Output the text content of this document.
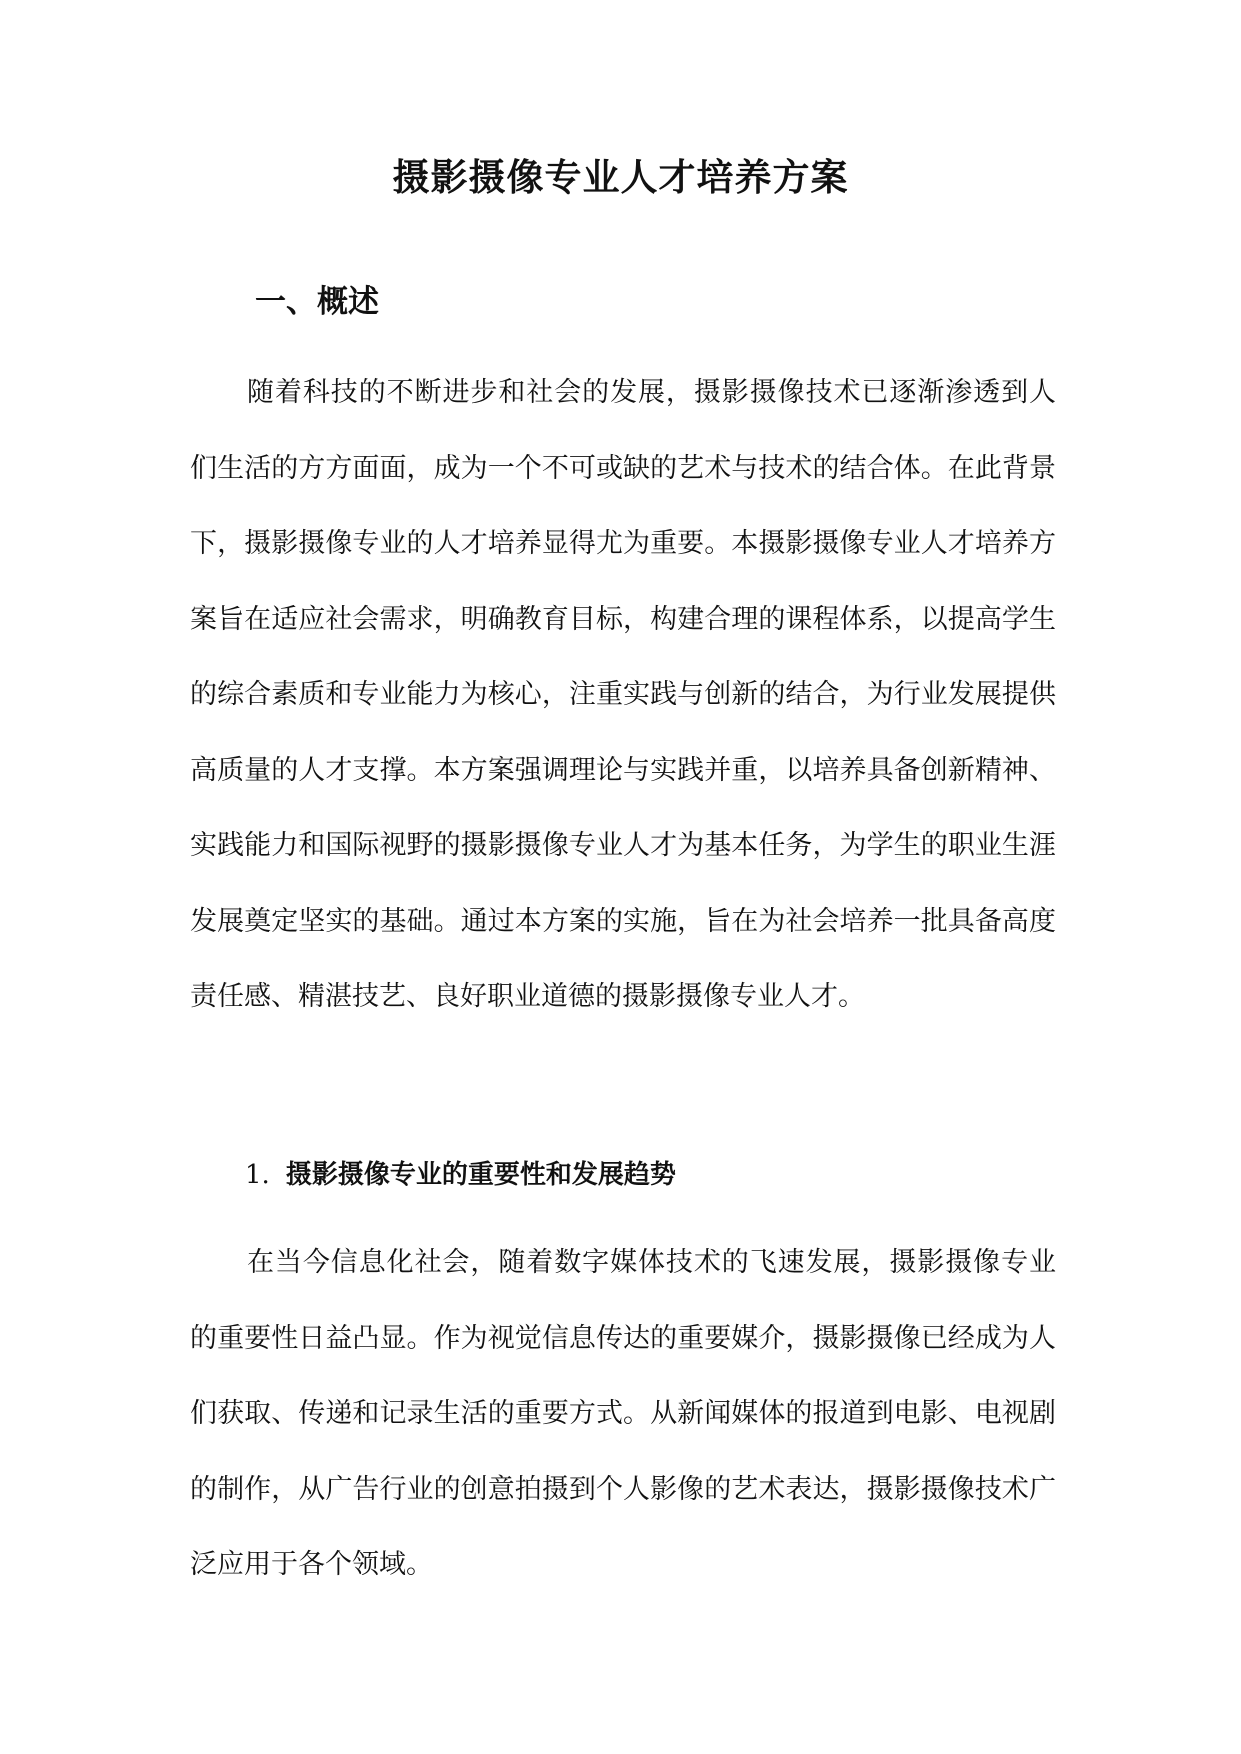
摄影摄像专业人才培养方案
一、概述

随着科技的不断进步和社会的发展，摄影摄像技术已逐渐渗透到人们生活的方方面面，成为一个不可或缺的艺术与技术的结合体。在此背景下，摄影摄像专业的人才培养显得尤为重要。本摄影摄像专业人才培养方案旨在适应社会需求，明确教育目标，构建合理的课程体系，以提高学生的综合素质和专业能力为核心，注重实践与创新的结合，为行业发展提供高质量的人才支撑。本方案强调理论与实践并重，以培养具备创新精神、实践能力和国际视野的摄影摄像专业人才为基本任务，为学生的职业生涯发展奠定坚实的基础。通过本方案的实施，旨在为社会培养一批具备高度责任感、精湛技艺、良好职业道德的摄影摄像专业人才。

1. 摄影摄像专业的重要性和发展趋势

在当今信息化社会，随着数字媒体技术的飞速发展，摄影摄像专业的重要性日益凸显。作为视觉信息传达的重要媒介，摄影摄像已经成为人们获取、传递和记录生活的重要方式。从新闻媒体的报道到电影、电视剧的制作，从广告行业的创意拍摄到个人影像的艺术表达，摄影摄像技术广泛应用于各个领域。
